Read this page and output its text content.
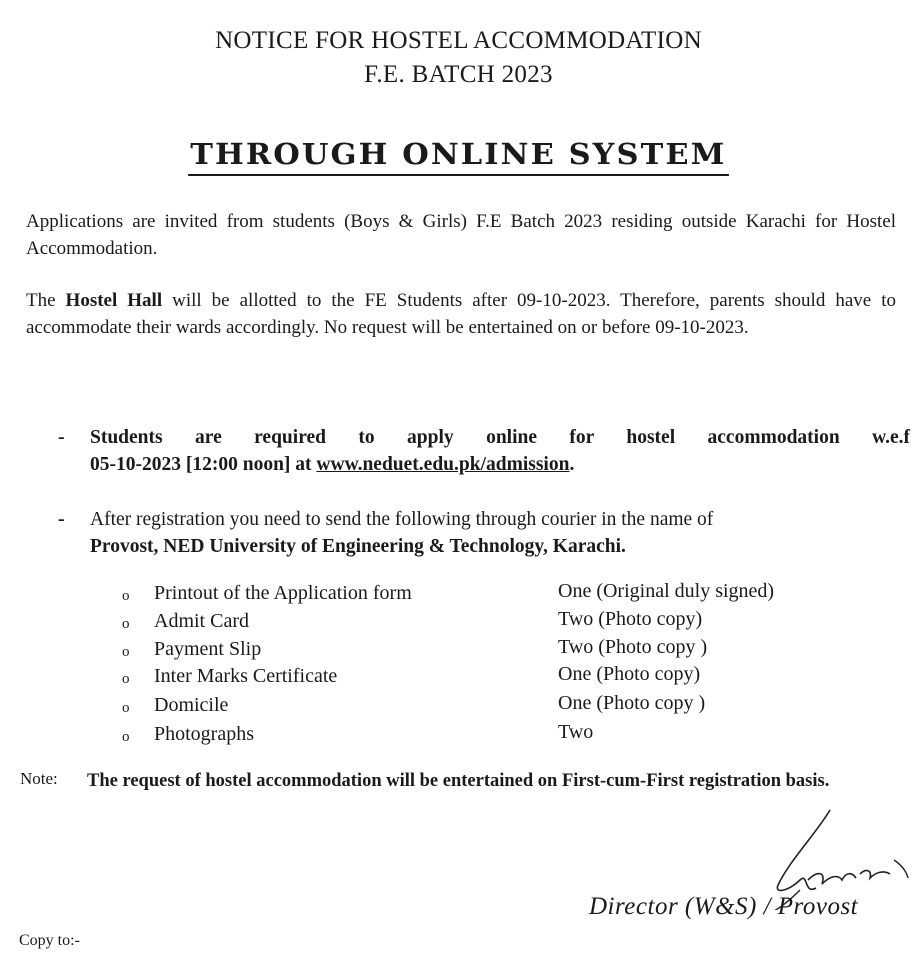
NOTICE FOR HOSTEL ACCOMMODATION
F.E. BATCH 2023
THROUGH ONLINE SYSTEM
Applications are invited from students (Boys & Girls) F.E Batch 2023 residing outside Karachi for Hostel Accommodation.
The Hostel Hall will be allotted to the FE Students after 09-10-2023. Therefore, parents should have to accommodate their wards accordingly. No request will be entertained on or before 09-10-2023.
- Students are required to apply online for hostel accommodation w.e.f
05-10-2023 [12:00 noon] at www.neduet.edu.pk/admission.
- After registration you need to send the following through courier in the name of
Provost, NED University of Engineering & Technology, Karachi.
o Printout of the Application form	One (Original duly signed)
o Admit Card	Two (Photo copy)
o Payment Slip	Two (Photo copy )
o Inter Marks Certificate	One (Photo copy)
o Domicile	One (Photo copy )
o Photographs	Two
Note: The request of hostel accommodation will be entertained on First-cum-First registration basis.
Director (W&S) / Provost
Copy to:-
